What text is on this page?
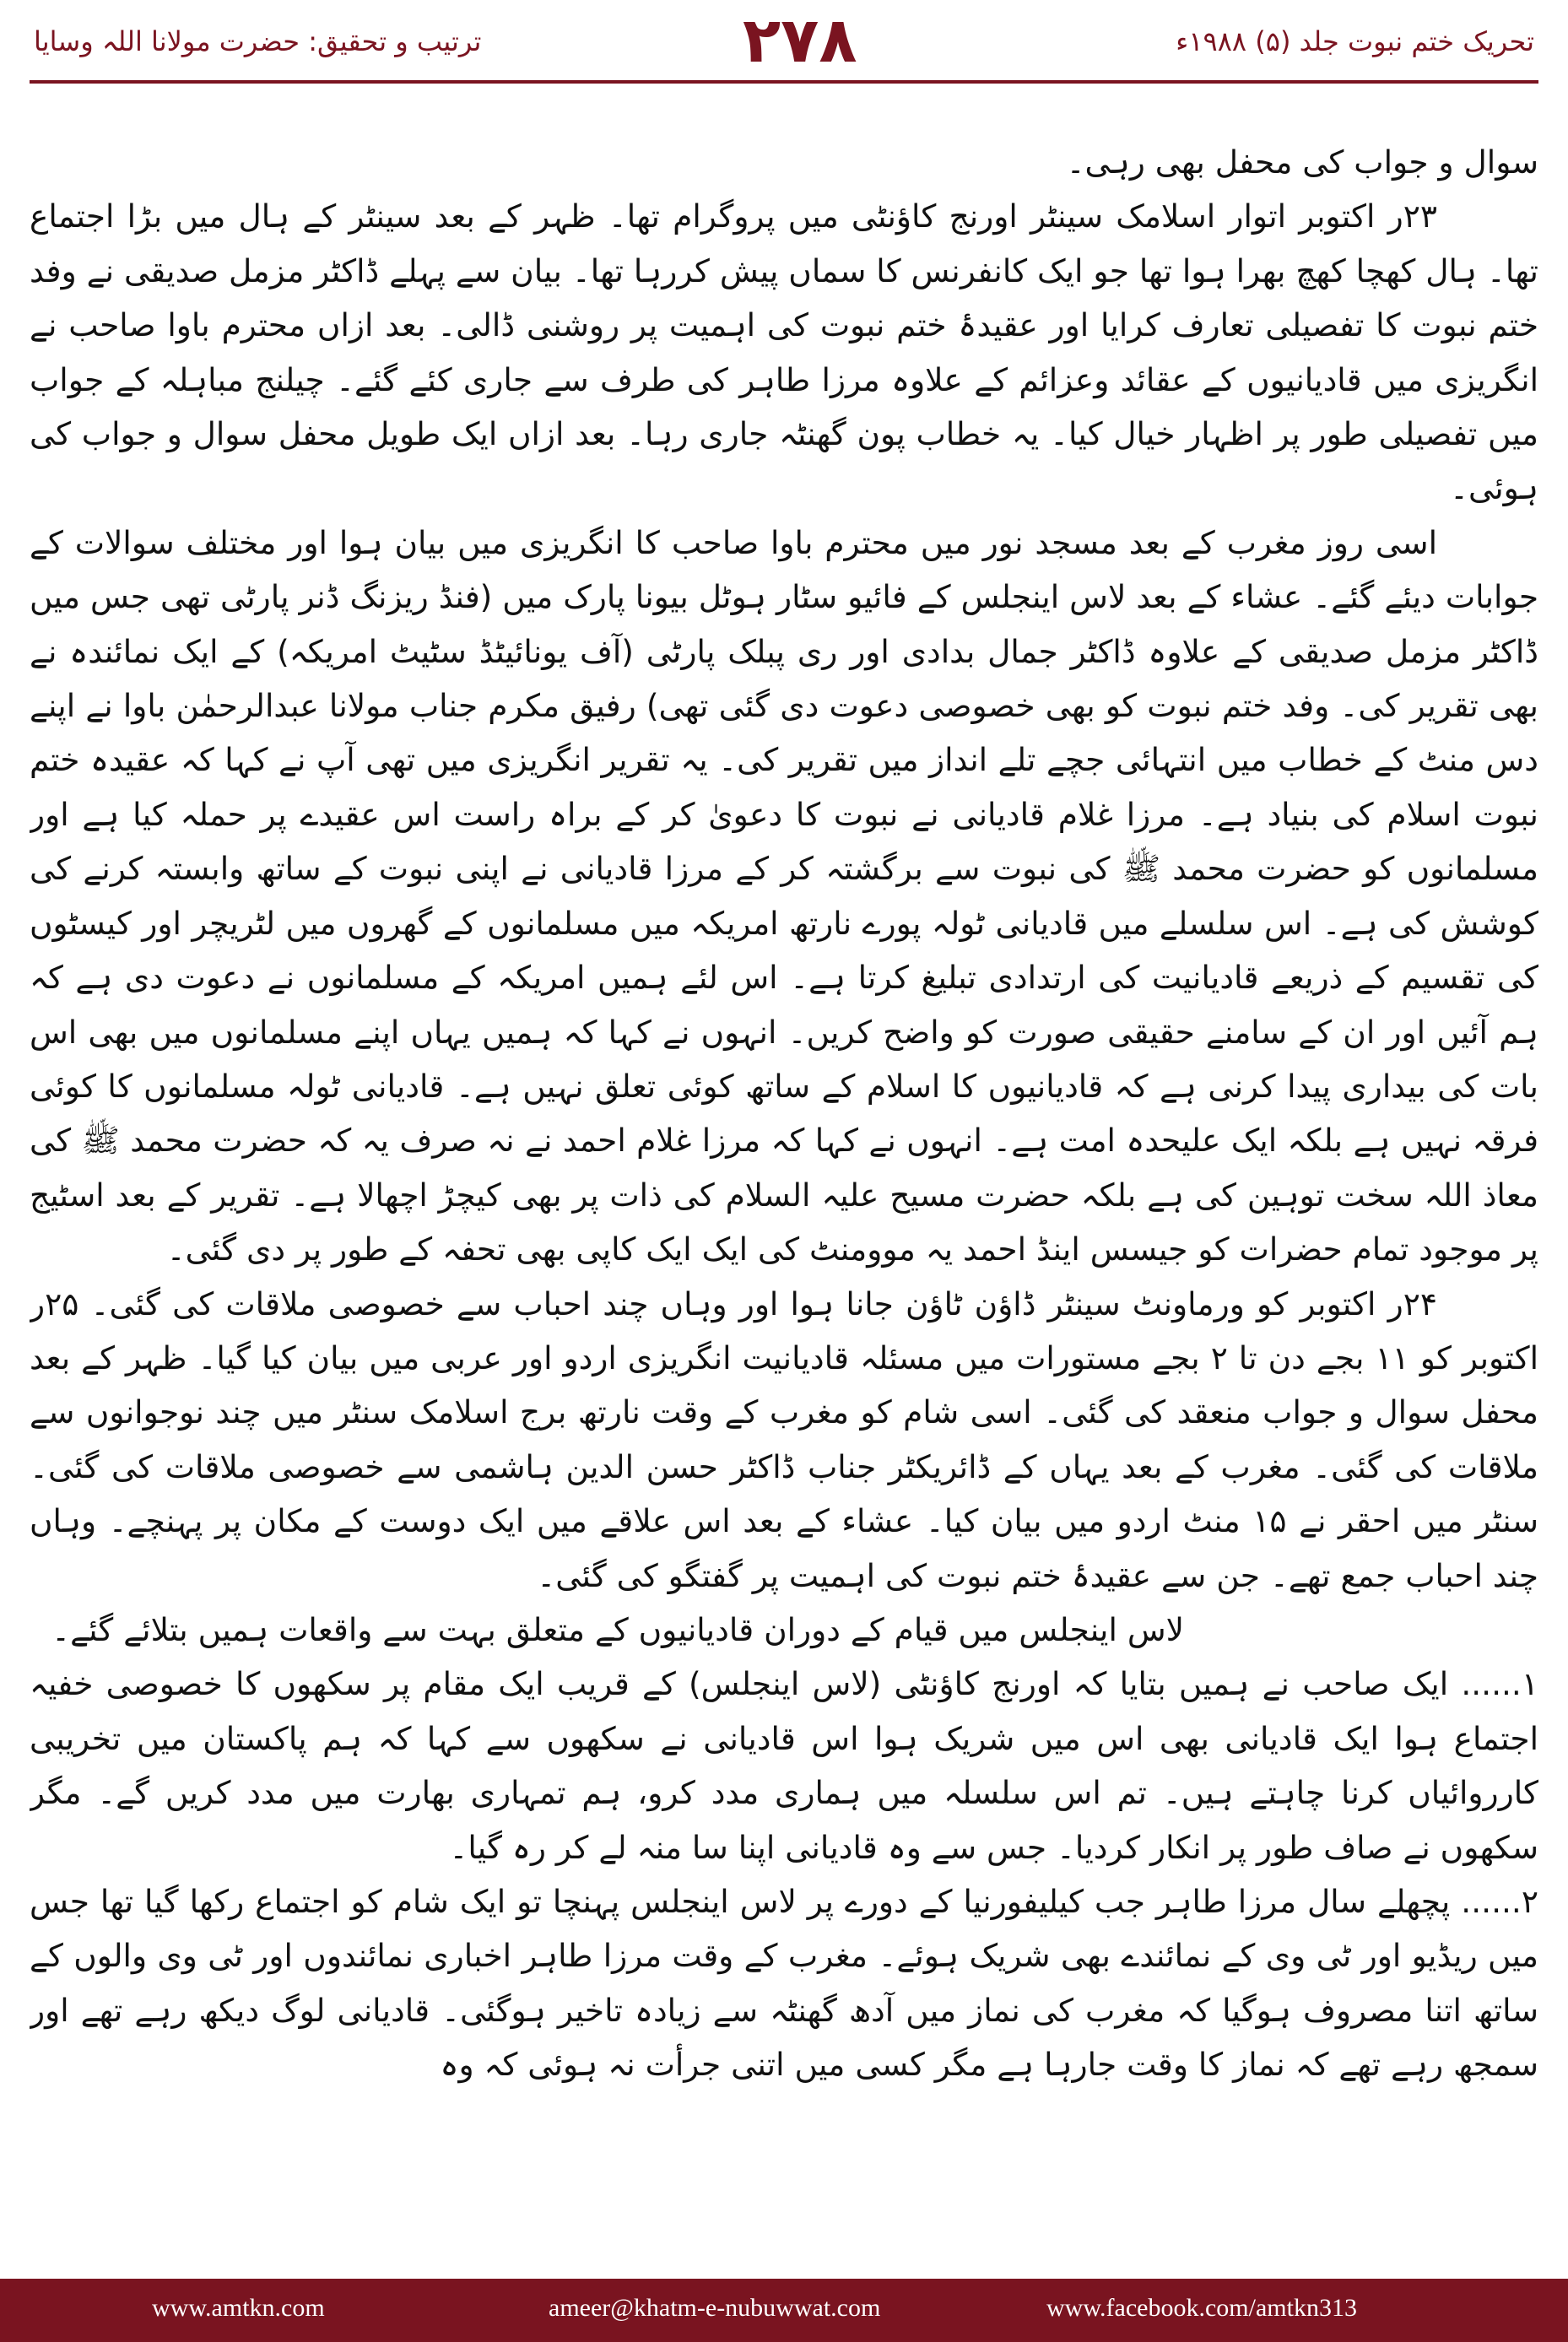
ترتیب و تحقیق: حضرت مولانا اللہ وسایا	۲۷۸	تحریک ختم نبوت جلد (۵) ۱۹۸۸ء

سوال و جواب کی محفل بھی رہی۔

۲۳ر اکتوبر اتوار اسلامک سینٹر اورنج کاؤنٹی میں پروگرام تھا۔ ظہر کے بعد سینٹر کے ہال میں بڑا اجتماع تھا۔ ہال کھچا کھچ بھرا ہوا تھا جو ایک کانفرنس کا سماں پیش کررہا تھا۔ بیان سے پہلے ڈاکٹر مزمل صدیقی نے وفد ختم نبوت کا تفصیلی تعارف کرایا اور عقیدۂ ختم نبوت کی اہمیت پر روشنی ڈالی۔ بعد ازاں محترم باوا صاحب نے انگریزی میں قادیانیوں کے عقائد وعزائم کے علاوہ مرزا طاہر کی طرف سے جاری کئے گئے۔ چیلنج مباہلہ کے جواب میں تفصیلی طور پر اظہار خیال کیا۔ یہ خطاب پون گھنٹہ جاری رہا۔ بعد ازاں ایک طویل محفل سوال و جواب کی ہوئی۔

اسی روز مغرب کے بعد مسجد نور میں محترم باوا صاحب کا انگریزی میں بیان ہوا اور مختلف سوالات کے جوابات دیئے گئے۔ عشاء کے بعد لاس اینجلس کے فائیو سٹار ہوٹل بیونا پارک میں (فنڈ ریزنگ ڈنر پارٹی تھی جس میں ڈاکٹر مزمل صدیقی کے علاوہ ڈاکٹر جمال بدادی اور ری پبلک پارٹی (آف یونائیٹڈ سٹیٹ امریکہ) کے ایک نمائندہ نے بھی تقریر کی۔ وفد ختم نبوت کو بھی خصوصی دعوت دی گئی تھی) رفیق مکرم جناب مولانا عبدالرحمٰن باوا نے اپنے دس منٹ کے خطاب میں انتہائی جچے تلے انداز میں تقریر کی۔ یہ تقریر انگریزی میں تھی آپ نے کہا کہ عقیدہ ختم نبوت اسلام کی بنیاد ہے۔ مرزا غلام قادیانی نے نبوت کا دعویٰ کر کے براہ راست اس عقیدے پر حملہ کیا ہے اور مسلمانوں کو حضرت محمد ﷺ کی نبوت سے برگشتہ کر کے مرزا قادیانی نے اپنی نبوت کے ساتھ وابستہ کرنے کی کوشش کی ہے۔ اس سلسلے میں قادیانی ٹولہ پورے نارتھ امریکہ میں مسلمانوں کے گھروں میں لٹریچر اور کیسٹوں کی تقسیم کے ذریعے قادیانیت کی ارتدادی تبلیغ کرتا ہے۔ اس لئے ہمیں امریکہ کے مسلمانوں نے دعوت دی ہے کہ ہم آئیں اور ان کے سامنے حقیقی صورت کو واضح کریں۔ انہوں نے کہا کہ ہمیں یہاں اپنے مسلمانوں میں بھی اس بات کی بیداری پیدا کرنی ہے کہ قادیانیوں کا اسلام کے ساتھ کوئی تعلق نہیں ہے۔ قادیانی ٹولہ مسلمانوں کا کوئی فرقہ نہیں ہے بلکہ ایک علیحدہ امت ہے۔ انہوں نے کہا کہ مرزا غلام احمد نے نہ صرف یہ کہ حضرت محمد ﷺ کی معاذ اللہ سخت توہین کی ہے بلکہ حضرت مسیح علیہ السلام کی ذات پر بھی کیچڑ اچھالا ہے۔ تقریر کے بعد اسٹیج پر موجود تمام حضرات کو جیسس اینڈ احمد یہ موومنٹ کی ایک ایک کاپی بھی تحفہ کے طور پر دی گئی۔

۲۴ر اکتوبر کو ورماونٹ سینٹر ڈاؤن ٹاؤن جانا ہوا اور وہاں چند احباب سے خصوصی ملاقات کی گئی۔ ۲۵ر اکتوبر کو ۱۱ بجے دن تا ۲ بجے مستورات میں مسئلہ قادیانیت انگریزی اردو اور عربی میں بیان کیا گیا۔ ظہر کے بعد محفل سوال و جواب منعقد کی گئی۔ اسی شام کو مغرب کے وقت نارتھ برج اسلامک سنٹر میں چند نوجوانوں سے ملاقات کی گئی۔ مغرب کے بعد یہاں کے ڈائریکٹر جناب ڈاکٹر حسن الدین ہاشمی سے خصوصی ملاقات کی گئی۔ سنٹر میں احقر نے ۱۵ منٹ اردو میں بیان کیا۔ عشاء کے بعد اس علاقے میں ایک دوست کے مکان پر پہنچے۔ وہاں چند احباب جمع تھے۔ جن سے عقیدۂ ختم نبوت کی اہمیت پر گفتگو کی گئی۔

لاس اینجلس میں قیام کے دوران قادیانیوں کے متعلق بہت سے واقعات ہمیں بتلائے گئے۔

۱...... ایک صاحب نے ہمیں بتایا کہ اورنج کاؤنٹی (لاس اینجلس) کے قریب ایک مقام پر سکھوں کا خصوصی خفیہ اجتماع ہوا ایک قادیانی بھی اس میں شریک ہوا اس قادیانی نے سکھوں سے کہا کہ ہم پاکستان میں تخریبی کارروائیاں کرنا چاہتے ہیں۔ تم اس سلسلہ میں ہماری مدد کرو، ہم تمہاری بھارت میں مدد کریں گے۔ مگر سکھوں نے صاف طور پر انکار کردیا۔ جس سے وہ قادیانی اپنا سا منہ لے کر رہ گیا۔

۲...... پچھلے سال مرزا طاہر جب کیلیفورنیا کے دورے پر لاس اینجلس پہنچا تو ایک شام کو اجتماع رکھا گیا تھا جس میں ریڈیو اور ٹی وی کے نمائندے بھی شریک ہوئے۔ مغرب کے وقت مرزا طاہر اخباری نمائندوں اور ٹی وی والوں کے ساتھ اتنا مصروف ہوگیا کہ مغرب کی نماز میں آدھ گھنٹہ سے زیادہ تاخیر ہوگئی۔ قادیانی لوگ دیکھ رہے تھے اور سمجھ رہے تھے کہ نماز کا وقت جارہا ہے مگر کسی میں اتنی جرأت نہ ہوئی کہ وہ

www.amtkn.com	ameer@khatm-e-nubuwwat.com	www.facebook.com/amtkn313
